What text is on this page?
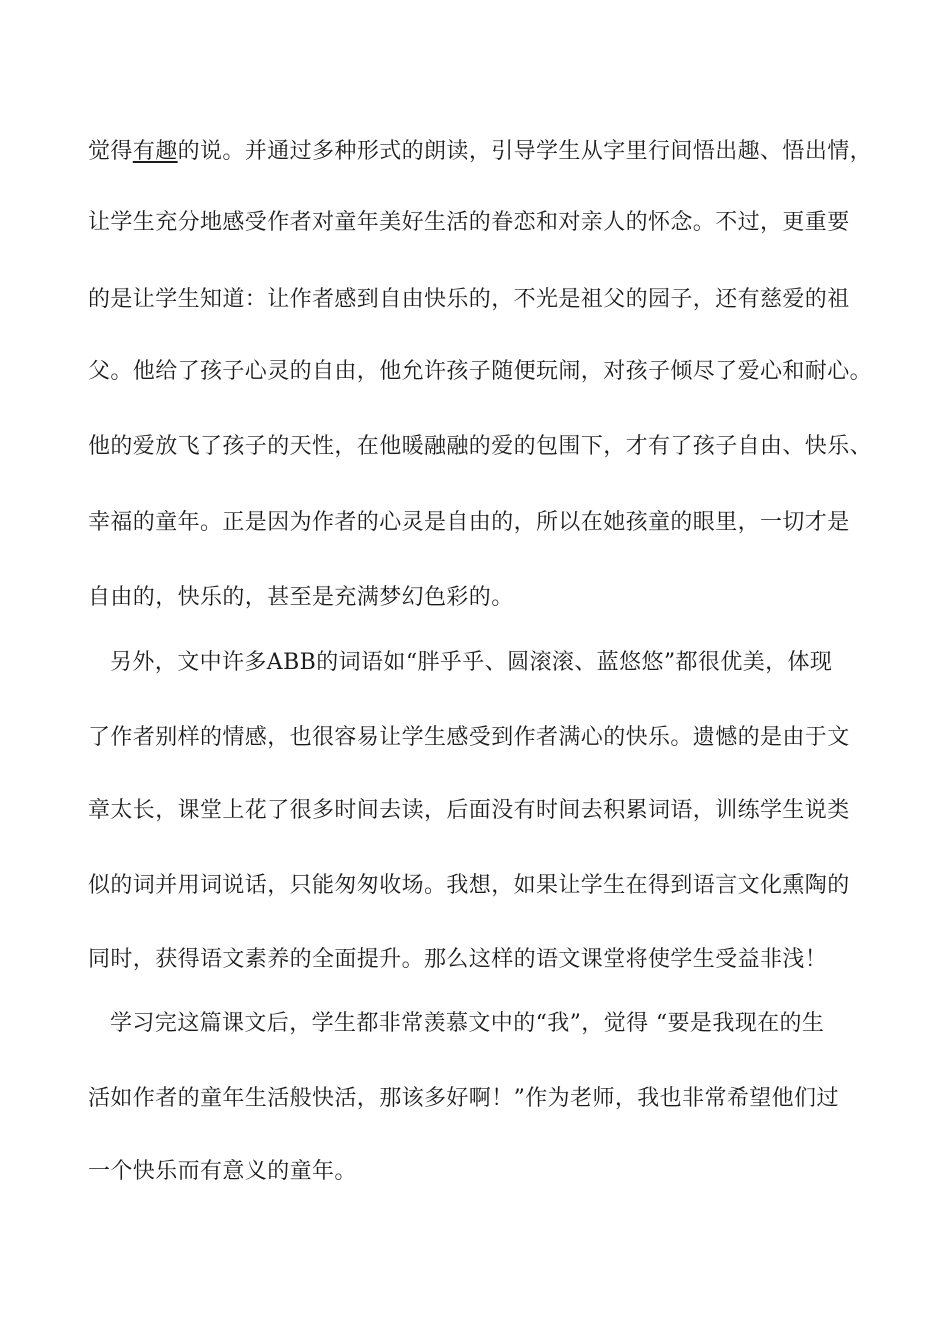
觉得有趣的说。并通过多种形式的朗读，引导学生从字里行间悟出趣、悟出情，
让学生充分地感受作者对童年美好生活的眷恋和对亲人的怀念。不过，更重要
的是让学生知道：让作者感到自由快乐的，不光是祖父的园子，还有慈爱的祖
父。他给了孩子心灵的自由，他允许孩子随便玩闹，对孩子倾尽了爱心和耐心。
他的爱放飞了孩子的天性，在他暖融融的爱的包围下，才有了孩子自由、快乐、
幸福的童年。正是因为作者的心灵是自由的，所以在她孩童的眼里，一切才是
自由的，快乐的，甚至是充满梦幻色彩的。
另外，文中许多ABB的词语如“胖乎乎、圆滚滚、蓝悠悠”都很优美，体现
了作者别样的情感，也很容易让学生感受到作者满心的快乐。遗憾的是由于文
章太长，课堂上花了很多时间去读，后面没有时间去积累词语，训练学生说类
似的词并用词说话，只能匆匆收场。我想，如果让学生在得到语言文化熏陶的
同时，获得语文素养的全面提升。那么这样的语文课堂将使学生受益非浅！
学习完这篇课文后，学生都非常羡慕文中的“我”，觉得 “要是我现在的生
活如作者的童年生活般快活，那该多好啊！”作为老师，我也非常希望他们过
一个快乐而有意义的童年。
